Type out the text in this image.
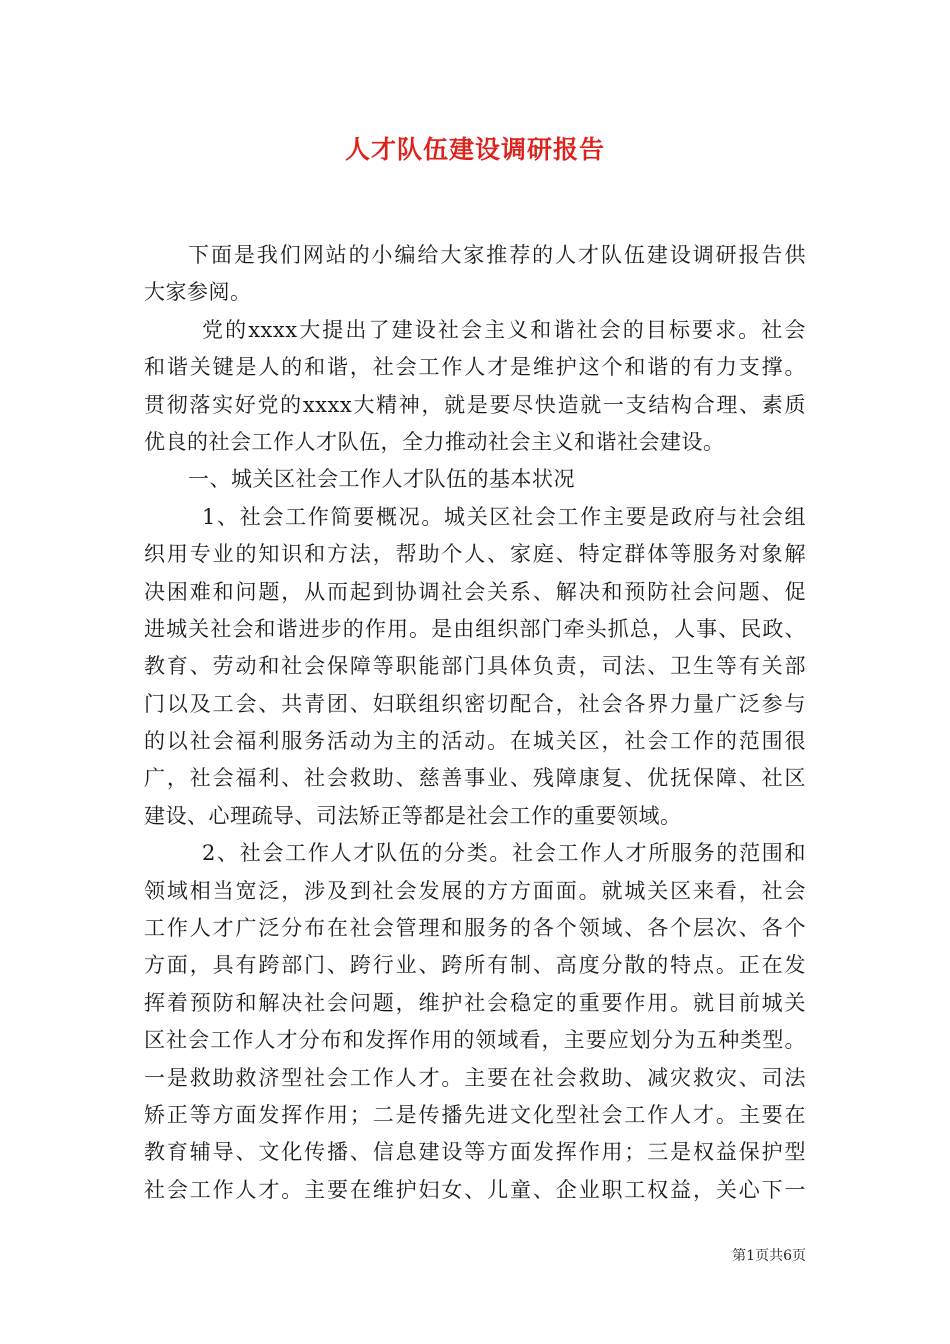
人才队伍建设调研报告
下面是我们网站的小编给大家推荐的人才队伍建设调研报告供
大家参阅。
党的xxxx大提出了建设社会主义和谐社会的目标要求。社会
和谐关键是人的和谐，社会工作人才是维护这个和谐的有力支撑。
贯彻落实好党的xxxx大精神，就是要尽快造就一支结构合理、素质
优良的社会工作人才队伍，全力推动社会主义和谐社会建设。
一、城关区社会工作人才队伍的基本状况
1、社会工作简要概况。城关区社会工作主要是政府与社会组
织用专业的知识和方法，帮助个人、家庭、特定群体等服务对象解
决困难和问题，从而起到协调社会关系、解决和预防社会问题、促
进城关社会和谐进步的作用。是由组织部门牵头抓总，人事、民政、
教育、劳动和社会保障等职能部门具体负责，司法、卫生等有关部
门以及工会、共青团、妇联组织密切配合，社会各界力量广泛参与
的以社会福利服务活动为主的活动。在城关区，社会工作的范围很
广，社会福利、社会救助、慈善事业、残障康复、优抚保障、社区
建设、心理疏导、司法矫正等都是社会工作的重要领域。
2、社会工作人才队伍的分类。社会工作人才所服务的范围和
领域相当宽泛，涉及到社会发展的方方面面。就城关区来看，社会
工作人才广泛分布在社会管理和服务的各个领域、各个层次、各个
方面，具有跨部门、跨行业、跨所有制、高度分散的特点。正在发
挥着预防和解决社会问题，维护社会稳定的重要作用。就目前城关
区社会工作人才分布和发挥作用的领域看，主要应划分为五种类型。
一是救助救济型社会工作人才。主要在社会救助、减灾救灾、司法
矫正等方面发挥作用；二是传播先进文化型社会工作人才。主要在
教育辅导、文化传播、信息建设等方面发挥作用；三是权益保护型
社会工作人才。主要在维护妇女、儿童、企业职工权益，关心下一
第1页共6页
